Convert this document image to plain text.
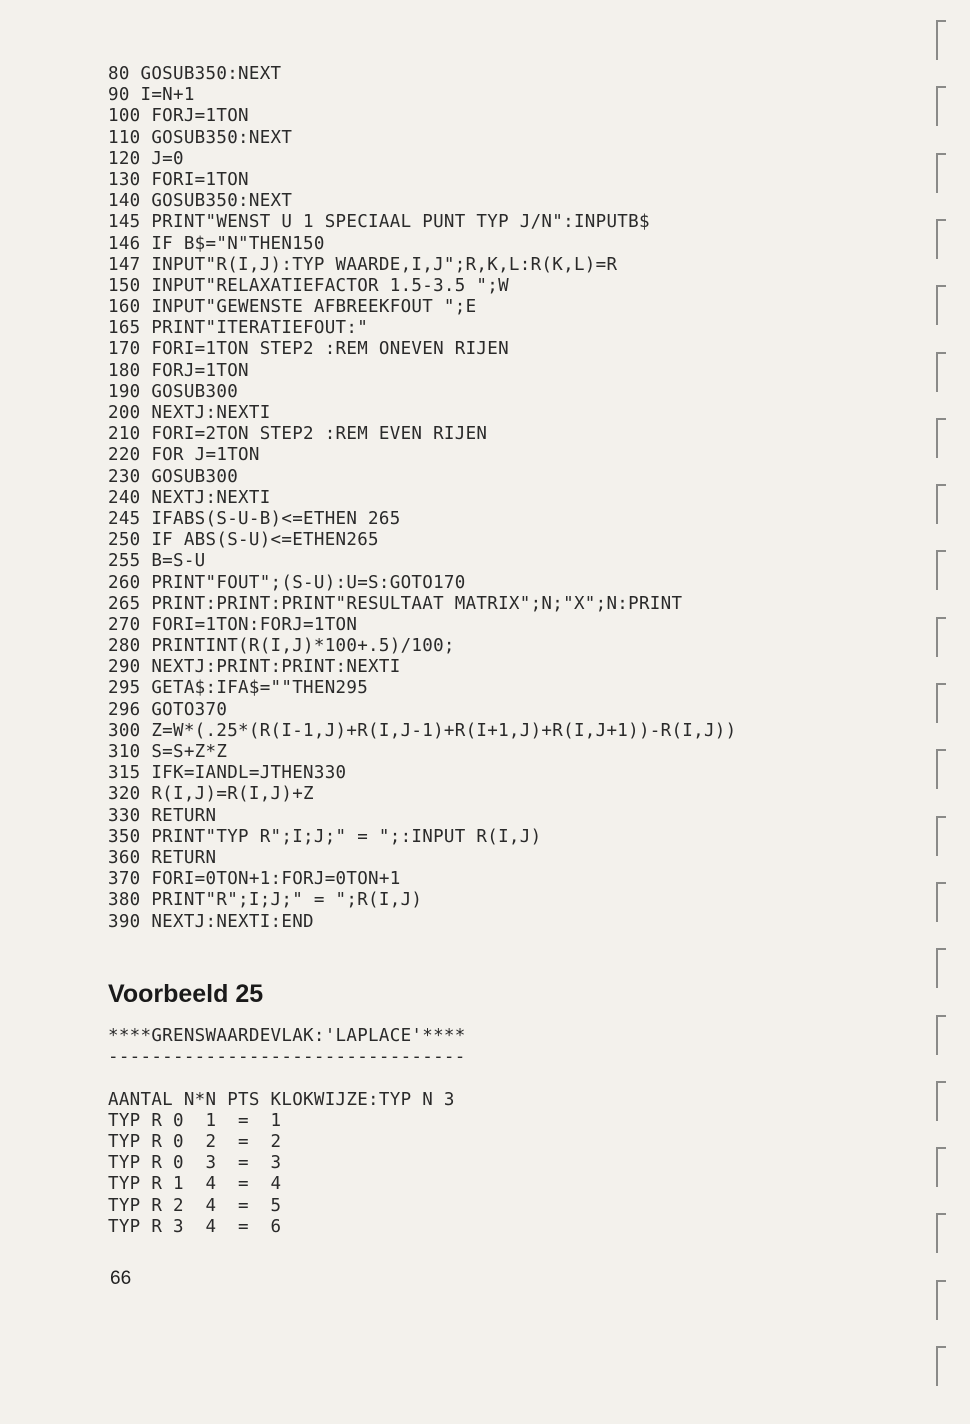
80 GOSUB350:NEXT
90 I=N+1
100 FORJ=1TON
110 GOSUB350:NEXT
120 J=0
130 FORI=1TON
140 GOSUB350:NEXT
145 PRINT"WENST U 1 SPECIAAL PUNT TYP J/N":INPUTB$
146 IF B$="N"THEN150
147 INPUT"R(I,J):TYP WAARDE,I,J";R,K,L:R(K,L)=R
150 INPUT"RELAXATIEFACTOR 1.5-3.5 ";W
160 INPUT"GEWENSTE AFBREEKFOUT ";E
165 PRINT"ITERATIEFOUT:"
170 FORI=1TON STEP2 :REM ONEVEN RIJEN
180 FORJ=1TON
190 GOSUB300
200 NEXTJ:NEXTI
210 FORI=2TON STEP2 :REM EVEN RIJEN
220 FOR J=1TON
230 GOSUB300
240 NEXTJ:NEXTI
245 IFABS(S-U-B)<=ETHEN 265
250 IF ABS(S-U)<=ETHEN265
255 B=S-U
260 PRINT"FOUT";(S-U):U=S:GOTO170
265 PRINT:PRINT:PRINT"RESULTAAT MATRIX";N;"X";N:PRINT
270 FORI=1TON:FORJ=1TON
280 PRINTINT(R(I,J)*100+.5)/100;
290 NEXTJ:PRINT:PRINT:NEXTI
295 GETA$:IFA$=""THEN295
296 GOTO370
300 Z=W*(.25*(R(I-1,J)+R(I,J-1)+R(I+1,J)+R(I,J+1))-R(I,J))
310 S=S+Z*Z
315 IFK=IANDL=JTHEN330
320 R(I,J)=R(I,J)+Z
330 RETURN
350 PRINT"TYP R";I;J;" = ";:INPUT R(I,J)
360 RETURN
370 FORI=0TON+1:FORJ=0TON+1
380 PRINT"R";I;J;" = ";R(I,J)
390 NEXTJ:NEXTI:END
Voorbeeld 25
****GRENSWAARDEVLAK:'LAPLACE'****
---------------------------------
AANTAL N*N PTS KLOKWIJZE:TYP N 3
TYP R 0  1  =  1
TYP R 0  2  =  2
TYP R 0  3  =  3
TYP R 1  4  =  4
TYP R 2  4  =  5
TYP R 3  4  =  6
66
